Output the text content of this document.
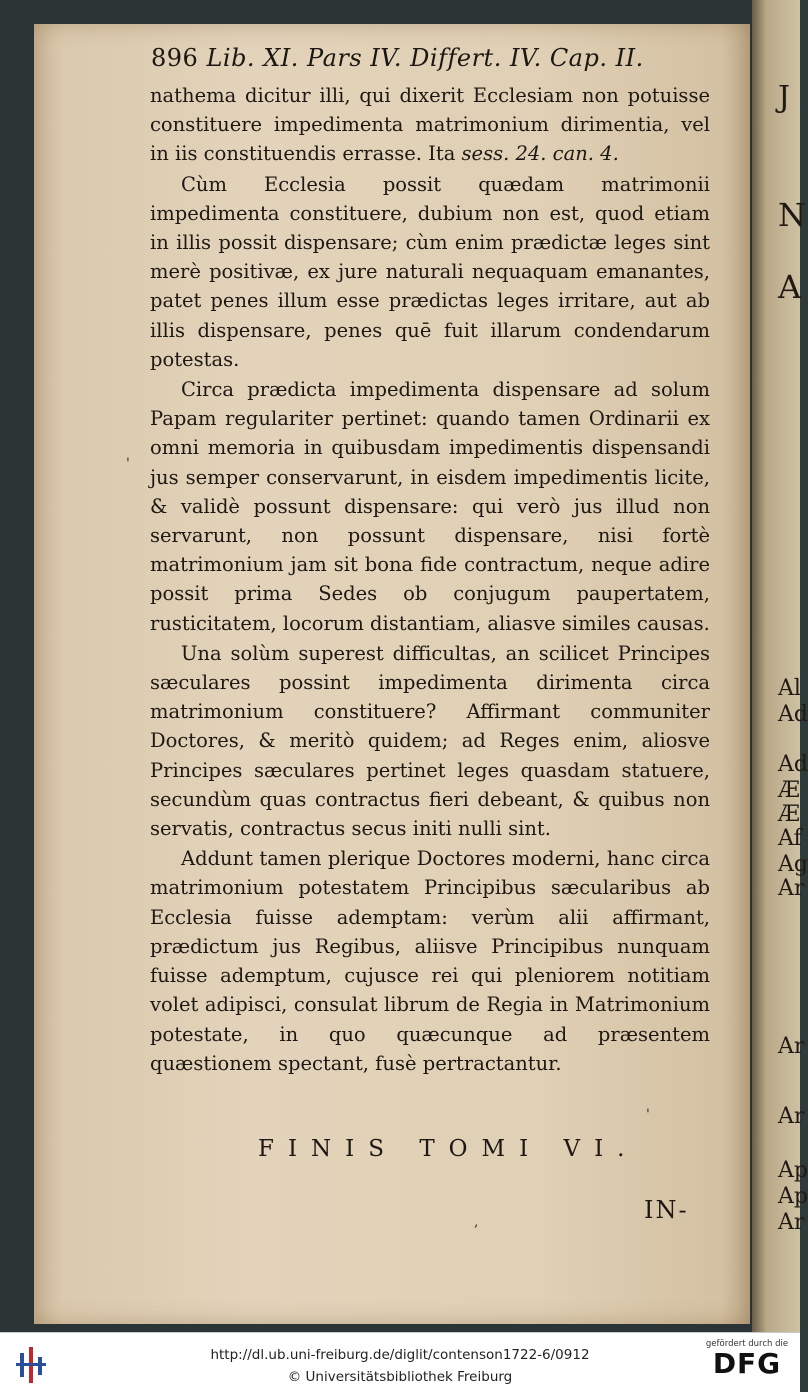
896 Lib. XI. Pars IV. Differt. IV. Cap. II.

nathema dicitur illi, qui dixerit Ecclesiam non potuisse constituere impedimenta matrimonium dirimentia, vel in iis constituendis errasse. Ita sess. 24. can. 4.

Cùm Ecclesia possit quædam matrimonii impedimenta constituere, dubium non est, quod etiam in illis possit dispensare; cùm enim prædictæ leges sint merè positivæ, ex jure naturali nequaquam emanantes, patet penes illum esse prædictas leges irritare, aut ab illis dispensare, penes quē fuit illarum condendarum potestas.

Circa prædicta impedimenta dispensare ad solum Papam regulariter pertinet: quando tamen Ordinarii ex omni memoria in quibusdam impedimentis dispensandi jus semper conservarunt, in eisdem impedimentis licite, & validè possunt dispensare: qui verò jus illud non servarunt, non possunt dispensare, nisi fortè matrimonium jam sit bona fide contractum, neque adire possit prima Sedes ob conjugum paupertatem, rusticitatem, locorum distantiam, aliasve similes causas.

Una solùm superest difficultas, an scilicet Principes sæculares possint impedimenta dirimenta circa matrimonium constituere? Affirmant communiter Doctores, & meritò quidem; ad Reges enim, aliosve Principes sæculares pertinet leges quasdam statuere, secundùm quas contractus fieri debeant, & quibus non servatis, contractus secus initi nulli sint.

Addunt tamen plerique Doctores moderni, hanc circa matrimonium potestatem Principibus sæcularibus ab Ecclesia fuisse ademptam: verùm alii affirmant, prædictum jus Regibus, aliisve Principibus nunquam fuisse ademptum, cujusce rei qui pleniorem notitiam volet adipisci, consulat librum de Regia in Matrimonium potestate, in quo quæcunque ad præsentem quæstionem spectant, fusè pertractantur.

FINIS TOMI VI.
IN-
'
'
,
J
N
A
Al
Ad
Ad
Æ
Æ
Af
Ag
Ar
Ar
Ar
Ap
Ap
Ar
http://dl.ub.uni-freiburg.de/diglit/contenson1722-6/0912
© Universitätsbibliothek Freiburg
gefördert durch die
DFG
